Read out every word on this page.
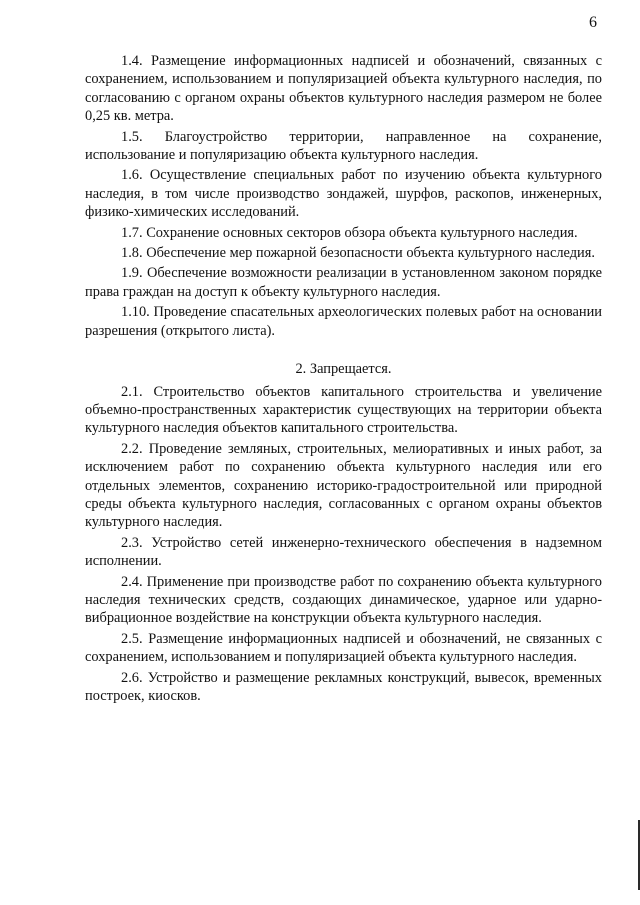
6

1.4. Размещение информационных надписей и обозначений, связанных с сохранением, использованием и популяризацией объекта культурного наследия, по согласованию с органом охраны объектов культурного наследия размером не более 0,25 кв. метра.

1.5. Благоустройство территории, направленное на сохранение, использование и популяризацию объекта культурного наследия.

1.6. Осуществление специальных работ по изучению объекта культурного наследия, в том числе производство зондажей, шурфов, раскопов, инженерных, физико-химических исследований.

1.7. Сохранение основных секторов обзора объекта культурного наследия.

1.8. Обеспечение мер пожарной безопасности объекта культурного наследия.

1.9. Обеспечение возможности реализации в установленном законом порядке права граждан на доступ к объекту культурного наследия.

1.10. Проведение спасательных археологических полевых работ на основании разрешения (открытого листа).

2. Запрещается.

2.1. Строительство объектов капитального строительства и увеличение объемно-пространственных характеристик существующих на территории объекта культурного наследия объектов капитального строительства.

2.2. Проведение земляных, строительных, мелиоративных и иных работ, за исключением работ по сохранению объекта культурного наследия или его отдельных элементов, сохранению историко-градостроительной или природной среды объекта культурного наследия, согласованных с органом охраны объектов культурного наследия.

2.3. Устройство сетей инженерно-технического обеспечения в надземном исполнении.

2.4. Применение при производстве работ по сохранению объекта культурного наследия технических средств, создающих динамическое, ударное или ударно-вибрационное воздействие на конструкции объекта культурного наследия.

2.5. Размещение информационных надписей и обозначений, не связанных с сохранением, использованием и популяризацией объекта культурного наследия.

2.6. Устройство и размещение рекламных конструкций, вывесок, временных построек, киосков.
